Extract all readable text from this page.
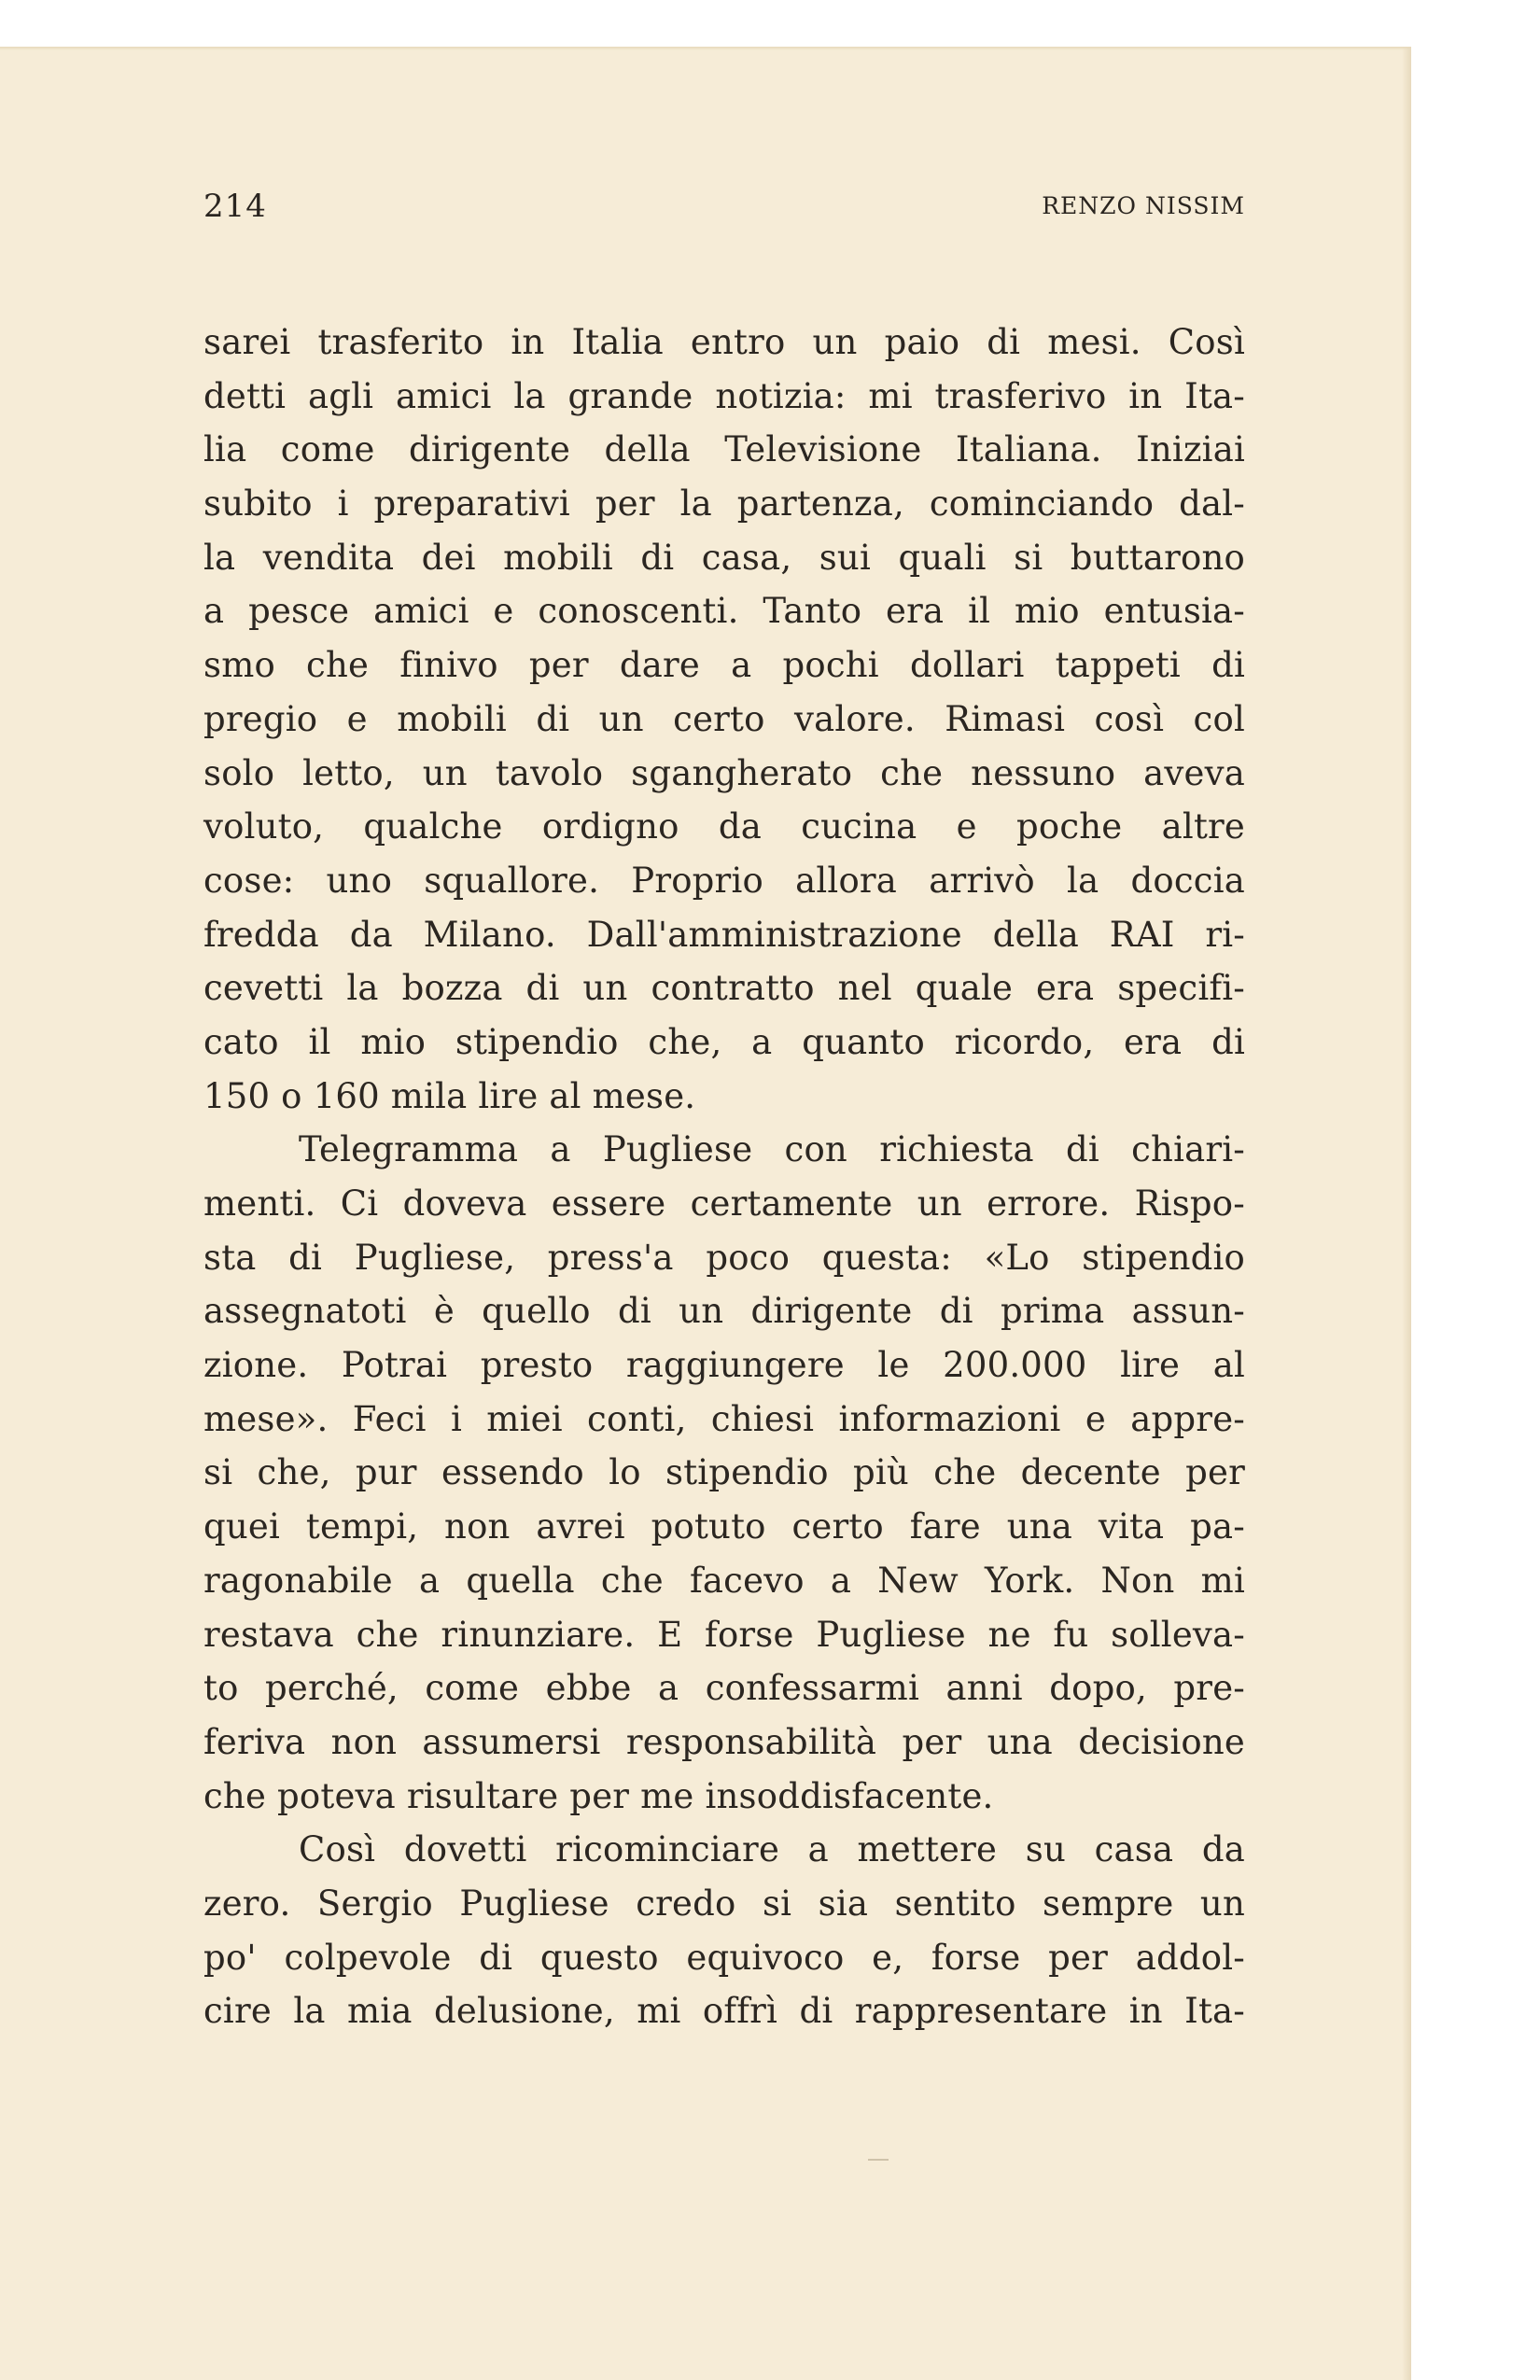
214	RENZO NISSIM
sarei trasferito in Italia entro un paio di mesi. Così
detti agli amici la grande notizia: mi trasferivo in Ita-
lia come dirigente della Televisione Italiana. Iniziai
subito i preparativi per la partenza, cominciando dal-
la vendita dei mobili di casa, sui quali si buttarono
a pesce amici e conoscenti. Tanto era il mio entusia-
smo che finivo per dare a pochi dollari tappeti di
pregio e mobili di un certo valore. Rimasi così col
solo letto, un tavolo sgangherato che nessuno aveva
voluto, qualche ordigno da cucina e poche altre
cose: uno squallore. Proprio allora arrivò la doccia
fredda da Milano. Dall'amministrazione della RAI ri-
cevetti la bozza di un contratto nel quale era specifi-
cato il mio stipendio che, a quanto ricordo, era di
150 o 160 mila lire al mese.
Telegramma a Pugliese con richiesta di chiari-
menti. Ci doveva essere certamente un errore. Rispo-
sta di Pugliese, press'a poco questa: «Lo stipendio
assegnatoti è quello di un dirigente di prima assun-
zione. Potrai presto raggiungere le 200.000 lire al
mese». Feci i miei conti, chiesi informazioni e appre-
si che, pur essendo lo stipendio più che decente per
quei tempi, non avrei potuto certo fare una vita pa-
ragonabile a quella che facevo a New York. Non mi
restava che rinunziare. E forse Pugliese ne fu solleva-
to perché, come ebbe a confessarmi anni dopo, pre-
feriva non assumersi responsabilità per una decisione
che poteva risultare per me insoddisfacente.
Così dovetti ricominciare a mettere su casa da
zero. Sergio Pugliese credo si sia sentito sempre un
po' colpevole di questo equivoco e, forse per addol-
cire la mia delusione, mi offrì di rappresentare in Ita-
